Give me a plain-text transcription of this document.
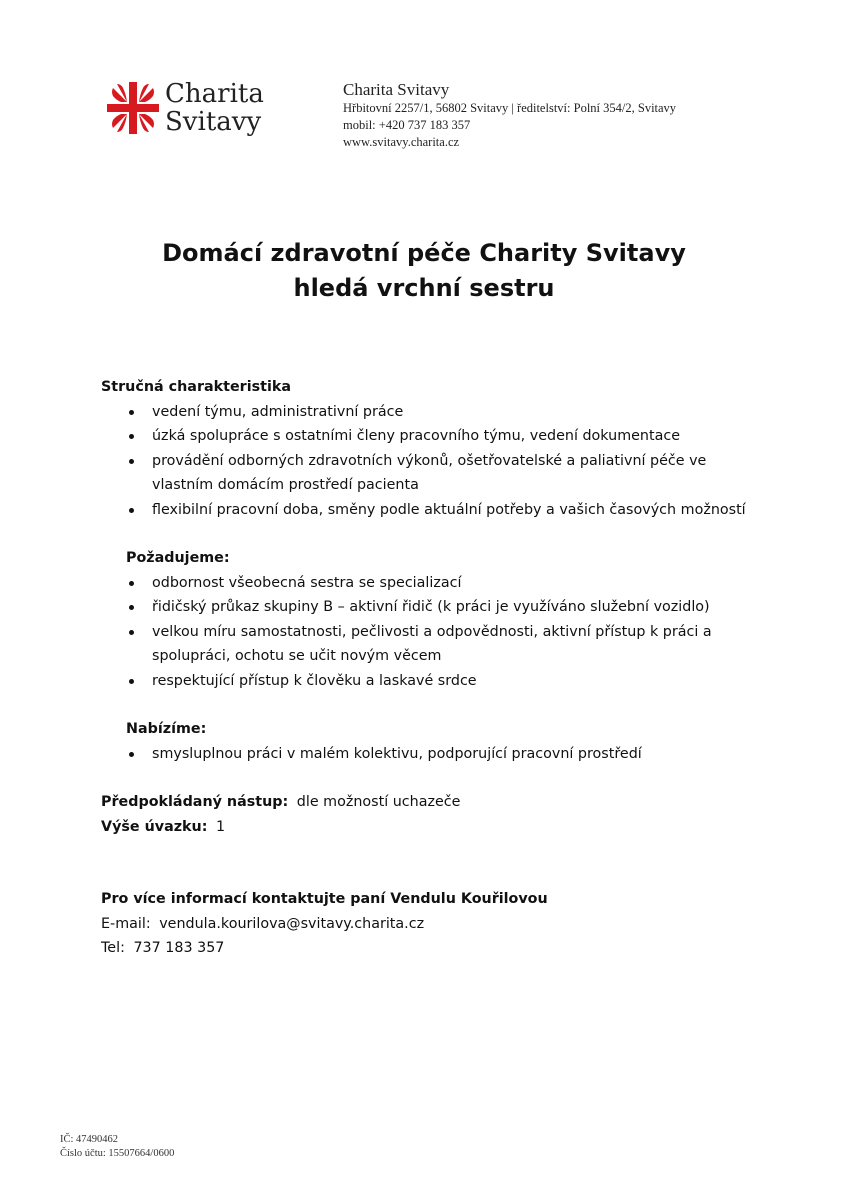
Charita
Svitavy
Charita Svitavy
Hřbitovní 2257/1, 56802 Svitavy | ředitelství: Polní 354/2, Svitavy
mobil: +420 737 183 357
www.svitavy.charita.cz
Domácí zdravotní péče Charity Svitavy
hledá vrchní sestru
Stručná charakteristika
vedení týmu, administrativní práce
úzká spolupráce s ostatními členy pracovního týmu, vedení dokumentace
provádění odborných zdravotních výkonů, ošetřovatelské a paliativní péče ve vlastním domácím prostředí pacienta
flexibilní pracovní doba, směny podle aktuální potřeby a vašich časových možností
Požadujeme:
odbornost všeobecná sestra se specializací
řidičský průkaz skupiny B – aktivní řidič (k práci je využíváno služební vozidlo)
velkou míru samostatnosti, pečlivosti a odpovědnosti, aktivní přístup k práci a spolupráci, ochotu se učit novým věcem
respektující přístup k člověku a laskavé srdce
Nabízíme:
smysluplnou práci v malém kolektivu, podporující pracovní prostředí
Předpokládaný nástup: dle možností uchazeče
Výše úvazku: 1
Pro více informací kontaktujte paní Vendulu Kouřilovou
E-mail: vendula.kourilova@svitavy.charita.cz
Tel: 737 183 357
IČ: 47490462
Číslo účtu: 15507664/0600
